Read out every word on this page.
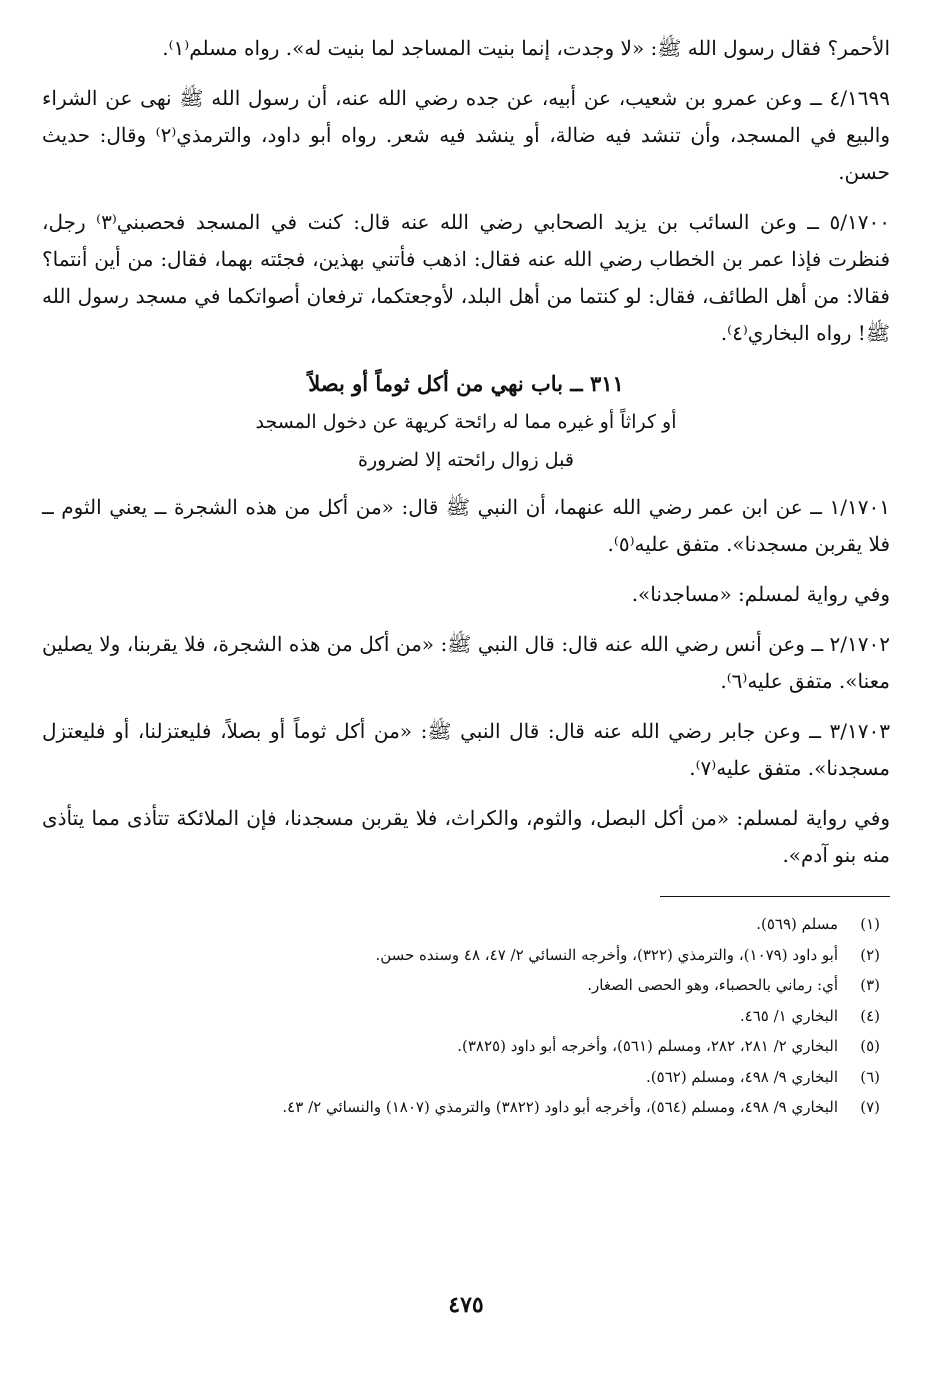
الأحمر؟ فقال رسول الله ﷺ: «لا وجدت، إنما بنيت المساجد لما بنيت له». رواه مسلم⁽١⁾.

٤/١٦٩٩ ــ وعن عمرو بن شعيب، عن أبيه، عن جده رضي الله عنه، أن رسول الله ﷺ نهى عن الشراء والبيع في المسجد، وأن تنشد فيه ضالة، أو ينشد فيه شعر. رواه أبو داود، والترمذي⁽٢⁾ وقال: حديث حسن.

٥/١٧٠٠ ــ وعن السائب بن يزيد الصحابي رضي الله عنه قال: كنت في المسجد فحصبني⁽٣⁾ رجل، فنظرت فإذا عمر بن الخطاب رضي الله عنه فقال: اذهب فأتني بهذين، فجئته بهما، فقال: من أين أنتما؟ فقالا: من أهل الطائف، فقال: لو كنتما من أهل البلد، لأوجعتكما، ترفعان أصواتكما في مسجد رسول الله ﷺ! رواه البخاري⁽٤⁾.

٣١١ ــ باب نهي من أكل ثوماً أو بصلاً
أو كراثاً أو غيره مما له رائحة كريهة عن دخول المسجد
قبل زوال رائحته إلا لضرورة

١/١٧٠١ ــ عن ابن عمر رضي الله عنهما، أن النبي ﷺ قال: «من أكل من هذه الشجرة ــ يعني الثوم ــ فلا يقربن مسجدنا». متفق عليه⁽٥⁾.

وفي رواية لمسلم: «مساجدنا».

٢/١٧٠٢ ــ وعن أنس رضي الله عنه قال: قال النبي ﷺ: «من أكل من هذه الشجرة، فلا يقربنا، ولا يصلين معنا». متفق عليه⁽٦⁾.

٣/١٧٠٣ ــ وعن جابر رضي الله عنه قال: قال النبي ﷺ: «من أكل ثوماً أو بصلاً، فليعتزلنا، أو فليعتزل مسجدنا». متفق عليه⁽٧⁾.

وفي رواية لمسلم: «من أكل البصل، والثوم، والكراث، فلا يقربن مسجدنا، فإن الملائكة تتأذى مما يتأذى منه بنو آدم».

(١)
مسلم (٥٦٩).
(٢)
أبو داود (١٠٧٩)، والترمذي (٣٢٢)، وأخرجه النسائي ٢/ ٤٧، ٤٨ وسنده حسن.
(٣)
أي: رماني بالحصباء، وهو الحصى الصغار.
(٤)
البخاري ١/ ٤٦٥.
(٥)
البخاري ٢/ ٢٨١، ٢٨٢، ومسلم (٥٦١)، وأخرجه أبو داود (٣٨٢٥).
(٦)
البخاري ٩/ ٤٩٨، ومسلم (٥٦٢).
(٧)
البخاري ٩/ ٤٩٨، ومسلم (٥٦٤)، وأخرجه أبو داود (٣٨٢٢) والترمذي (١٨٠٧) والنسائي ٢/ ٤٣.
٤٧٥
